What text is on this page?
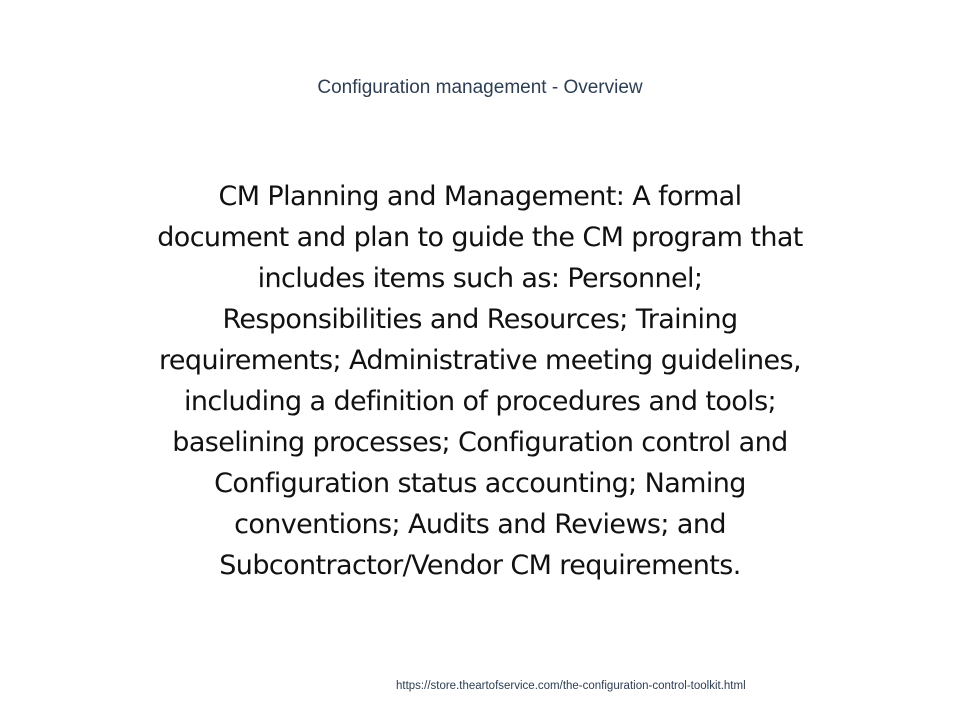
Configuration management - Overview
CM Planning and Management: A formal
document and plan to guide the CM program that
includes items such as: Personnel;
Responsibilities and Resources; Training
requirements; Administrative meeting guidelines,
including a definition of procedures and tools;
baselining processes; Configuration control and
Configuration status accounting; Naming
conventions; Audits and Reviews; and
Subcontractor/Vendor CM requirements.
https://store.theartofservice.com/the-configuration-control-toolkit.html
